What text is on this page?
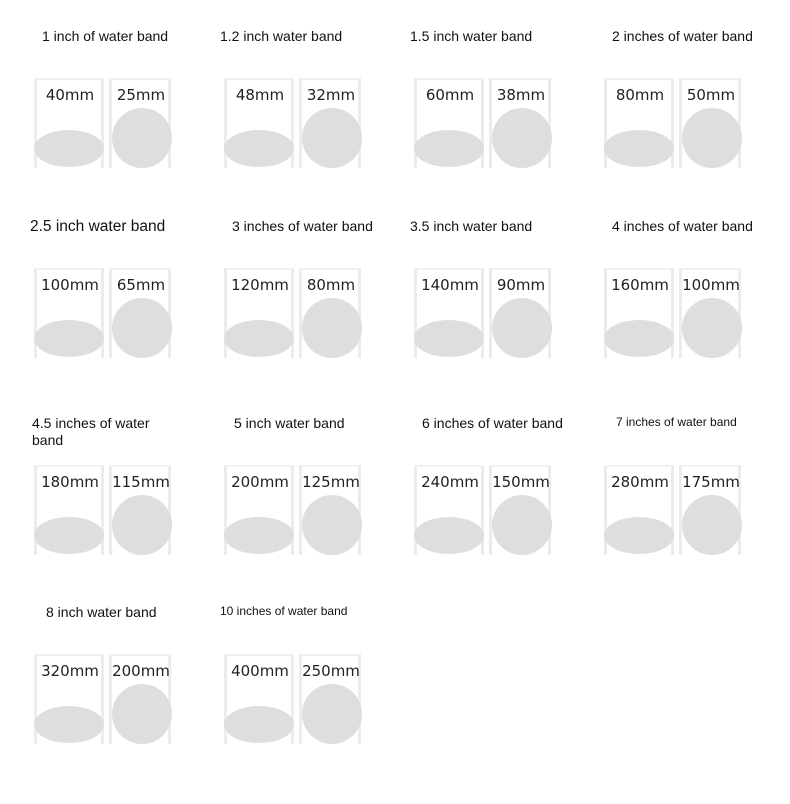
1 inch of water band
40mm	25mm
1.2 inch water band
48mm	32mm
1.5 inch water band
60mm	38mm
2 inches of water band
80mm	50mm
2.5 inch water band
100mm	65mm
3 inches of water band
120mm	80mm
3.5 inch water band
140mm	90mm
4 inches of water band
160mm 100mm
4.5 inches of water band
180mm 115mm
5 inch water band
200mm 125mm
6 inches of water band
240mm 150mm
7 inches of water band
280mm 175mm
8 inch water band
320mm 200mm
10 inches of water band
400mm 250mm
